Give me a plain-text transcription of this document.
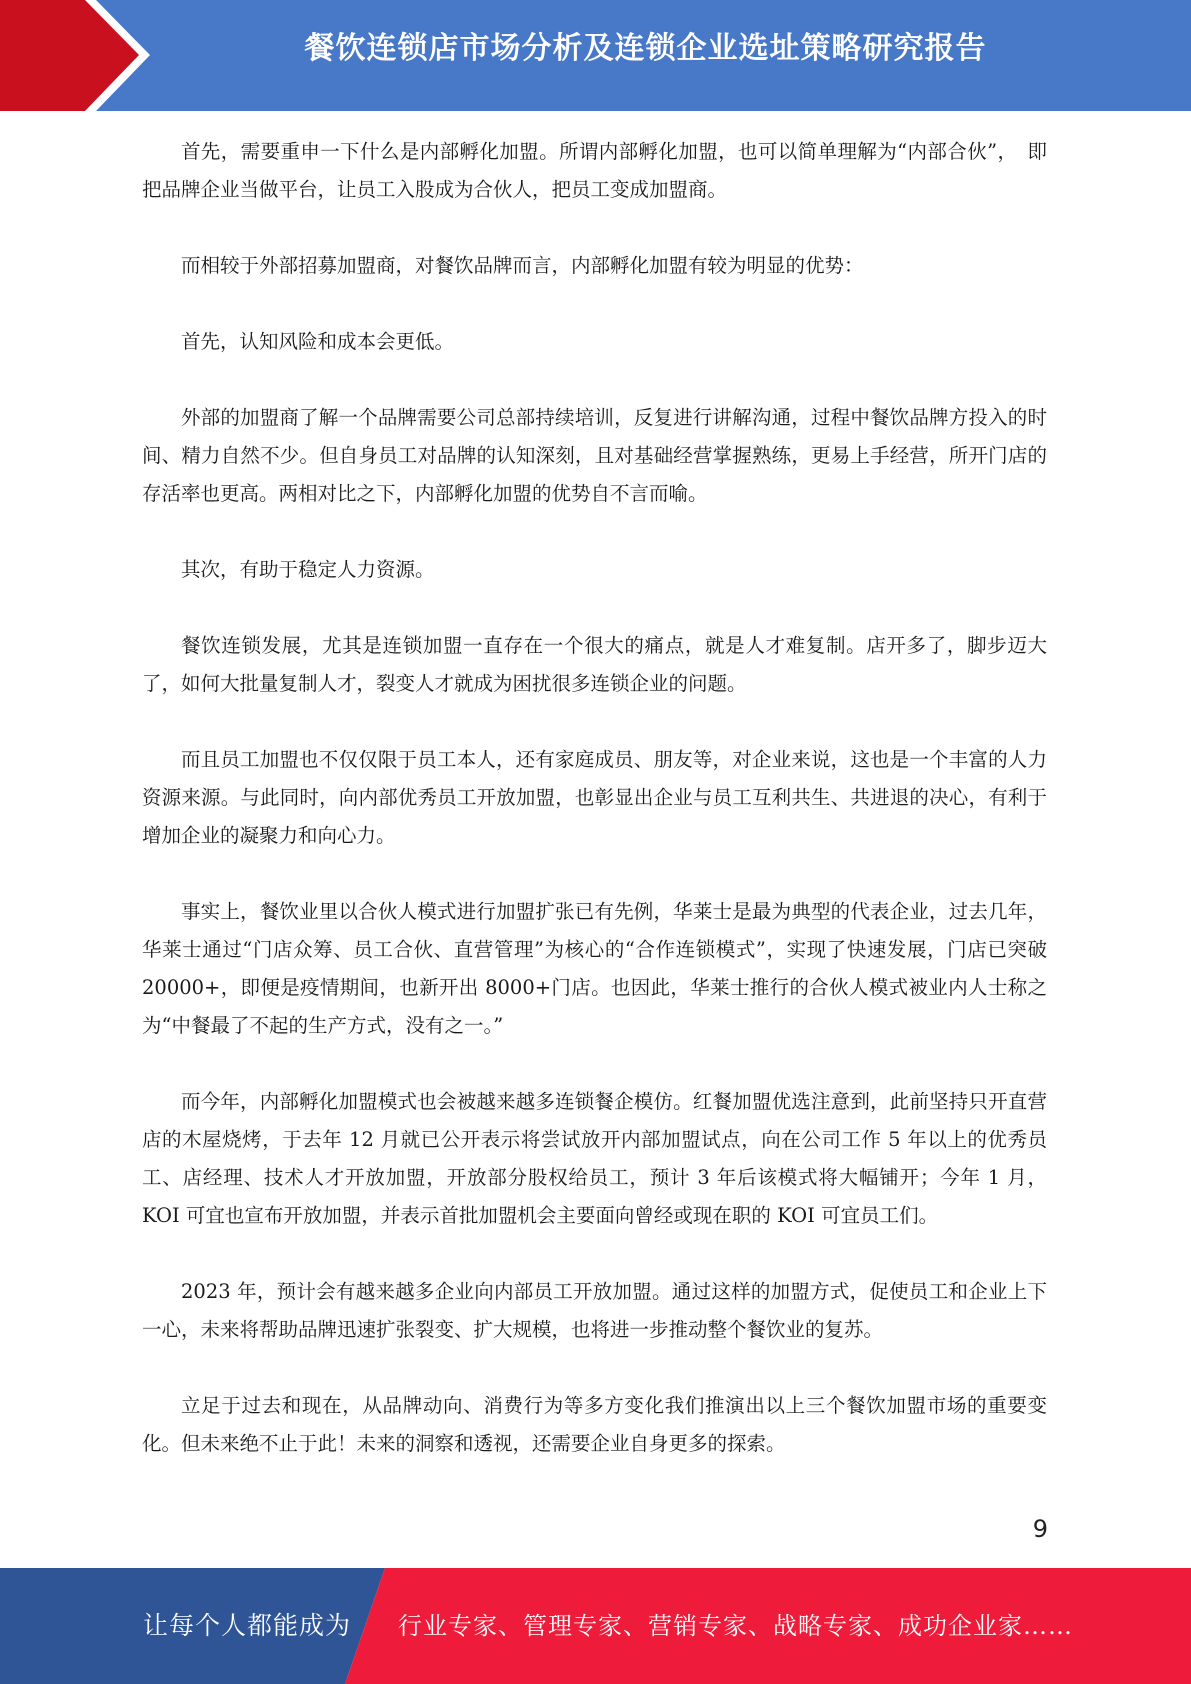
餐饮连锁店市场分析及连锁企业选址策略研究报告

首先，需要重申一下什么是内部孵化加盟。所谓内部孵化加盟，也可以简单理解为“内部合伙”，　即把品牌企业当做平台，让员工入股成为合伙人，把员工变成加盟商。

而相较于外部招募加盟商，对餐饮品牌而言，内部孵化加盟有较为明显的优势：

首先，认知风险和成本会更低。

外部的加盟商了解一个品牌需要公司总部持续培训，反复进行讲解沟通，过程中餐饮品牌方投入的时间、精力自然不少。但自身员工对品牌的认知深刻，且对基础经营掌握熟练，更易上手经营，所开门店的存活率也更高。两相对比之下，内部孵化加盟的优势自不言而喻。

其次，有助于稳定人力资源。

餐饮连锁发展，尤其是连锁加盟一直存在一个很大的痛点，就是人才难复制。店开多了，脚步迈大了，如何大批量复制人才，裂变人才就成为困扰很多连锁企业的问题。

而且员工加盟也不仅仅限于员工本人，还有家庭成员、朋友等，对企业来说，这也是一个丰富的人力资源来源。与此同时，向内部优秀员工开放加盟，也彰显出企业与员工互利共生、共进退的决心，有利于增加企业的凝聚力和向心力。

事实上，餐饮业里以合伙人模式进行加盟扩张已有先例，华莱士是最为典型的代表企业，过去几年，华莱士通过“门店众筹、员工合伙、直营管理”为核心的“合作连锁模式”，实现了快速发展，门店已突破 20000+，即便是疫情期间，也新开出 8000+门店。也因此，华莱士推行的合伙人模式被业内人士称之为“中餐最了不起的生产方式，没有之一。”

而今年，内部孵化加盟模式也会被越来越多连锁餐企模仿。红餐加盟优选注意到，此前坚持只开直营店的木屋烧烤，于去年 12 月就已公开表示将尝试放开内部加盟试点，向在公司工作 5 年以上的优秀员工、店经理、技术人才开放加盟，开放部分股权给员工，预计 3 年后该模式将大幅铺开；今年 1 月，KOI 可宜也宣布开放加盟，并表示首批加盟机会主要面向曾经或现在职的 KOI 可宜员工们。

2023 年，预计会有越来越多企业向内部员工开放加盟。通过这样的加盟方式，促使员工和企业上下一心，未来将帮助品牌迅速扩张裂变、扩大规模，也将进一步推动整个餐饮业的复苏。

立足于过去和现在，从品牌动向、消费行为等多方变化我们推演出以上三个餐饮加盟市场的重要变化。但未来绝不止于此！未来的洞察和透视，还需要企业自身更多的探索。

9
让每个人都能成为 行业专家、管理专家、营销专家、战略专家、成功企业家……
